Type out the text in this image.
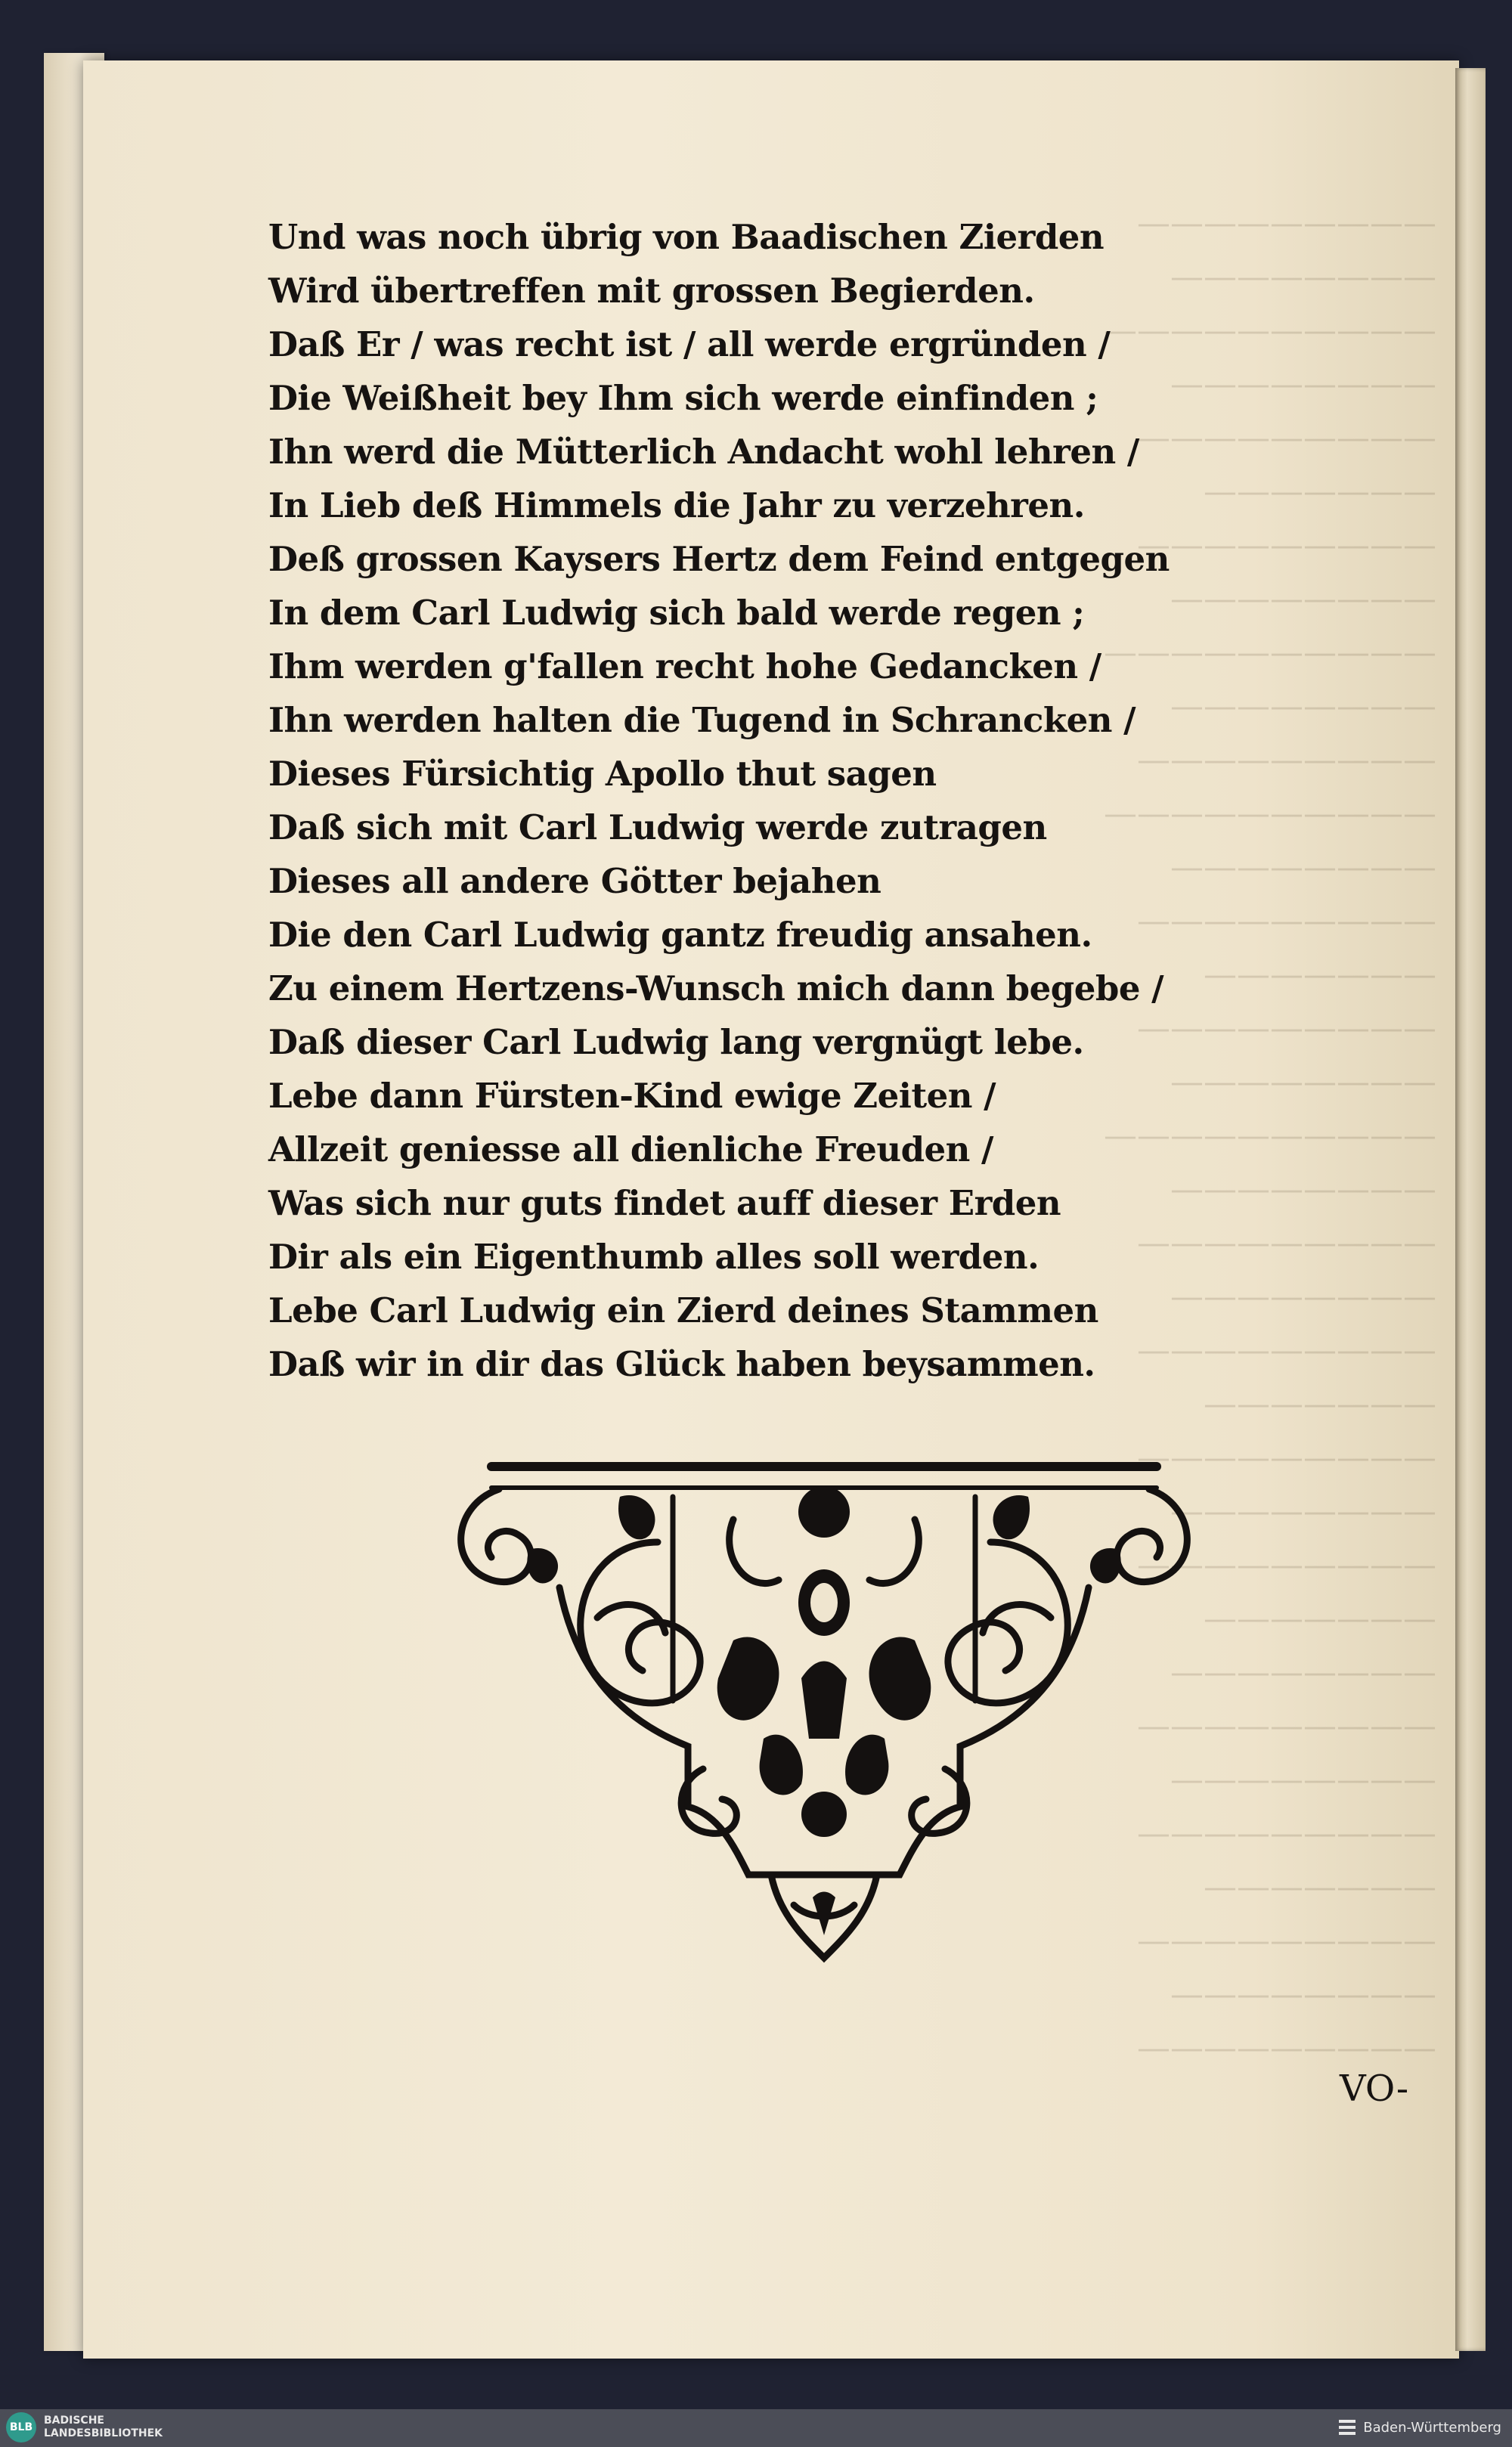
—————————
————————
——————————
————————
—————————
———————
—————————
————————
——————————
————————
—————————
——————————
————————
—————————
———————
—————————
————————
——————————
————————
—————————
————————
—————————
———————
—————————
————————
—————————
———————
————————
—————————
————————
—————————
———————
—————————
————————
—————————
Und was noch übrig von Baadischen Zierden
Wird übertreffen mit grossen Begierden.
Daß Er / was recht ist / all werde ergründen /
Die Weißheit bey Ihm sich werde einfinden ;
Ihn werd die Mütterlich Andacht wohl lehren /
In Lieb deß Himmels die Jahr zu verzehren.
Deß grossen Kaysers Hertz dem Feind entgegen
In dem Carl Ludwig sich bald werde regen ;
Ihm werden g'fallen recht hohe Gedancken /
Ihn werden halten die Tugend in Schrancken /
Dieses Fürsichtig Apollo thut sagen
Daß sich mit Carl Ludwig werde zutragen
Dieses all andere Götter bejahen
Die den Carl Ludwig gantz freudig ansahen.
Zu einem Hertzens-Wunsch mich dann begebe /
Daß dieser Carl Ludwig lang vergnügt lebe.
Lebe dann Fürsten-Kind ewige Zeiten /
Allzeit geniesse all dienliche Freuden /
Was sich nur guts findet auff dieser Erden
Dir als ein Eigenthumb alles soll werden.
Lebe Carl Ludwig ein Zierd deines Stammen
Daß wir in dir das Glück haben beysammen.
VO-
BLB
BADISCHE
LANDESBIBLIOTHEK	Baden-Württemberg
